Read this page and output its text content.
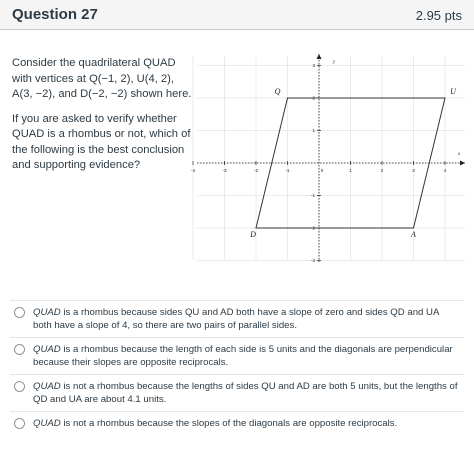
Question 27	2.95 pts

Consider the quadrilateral QUAD with vertices at Q(−1, 2), U(4, 2), A(3, −2), and D(−2, −2) shown here.

If you are asked to verify whether QUAD is a rhombus or not, which of the following is the best conclusion and supporting evidence?	-4	-3	-2	-1	0	1	2	3	4
3
2
1
-1
-2
-3
x
y
Q	U
A
D
QUAD is a rhombus because sides QU and AD both have a slope of zero and sides QD and UA both have a slope of 4, so there are two pairs of parallel sides.
QUAD is a rhombus because the length of each side is 5 units and the diagonals are perpendicular because their slopes are opposite reciprocals.
QUAD is not a rhombus because the lengths of sides QU and AD are both 5 units, but the lengths of QD and UA are about 4.1 units.
QUAD is not a rhombus because the slopes of the diagonals are opposite reciprocals.
